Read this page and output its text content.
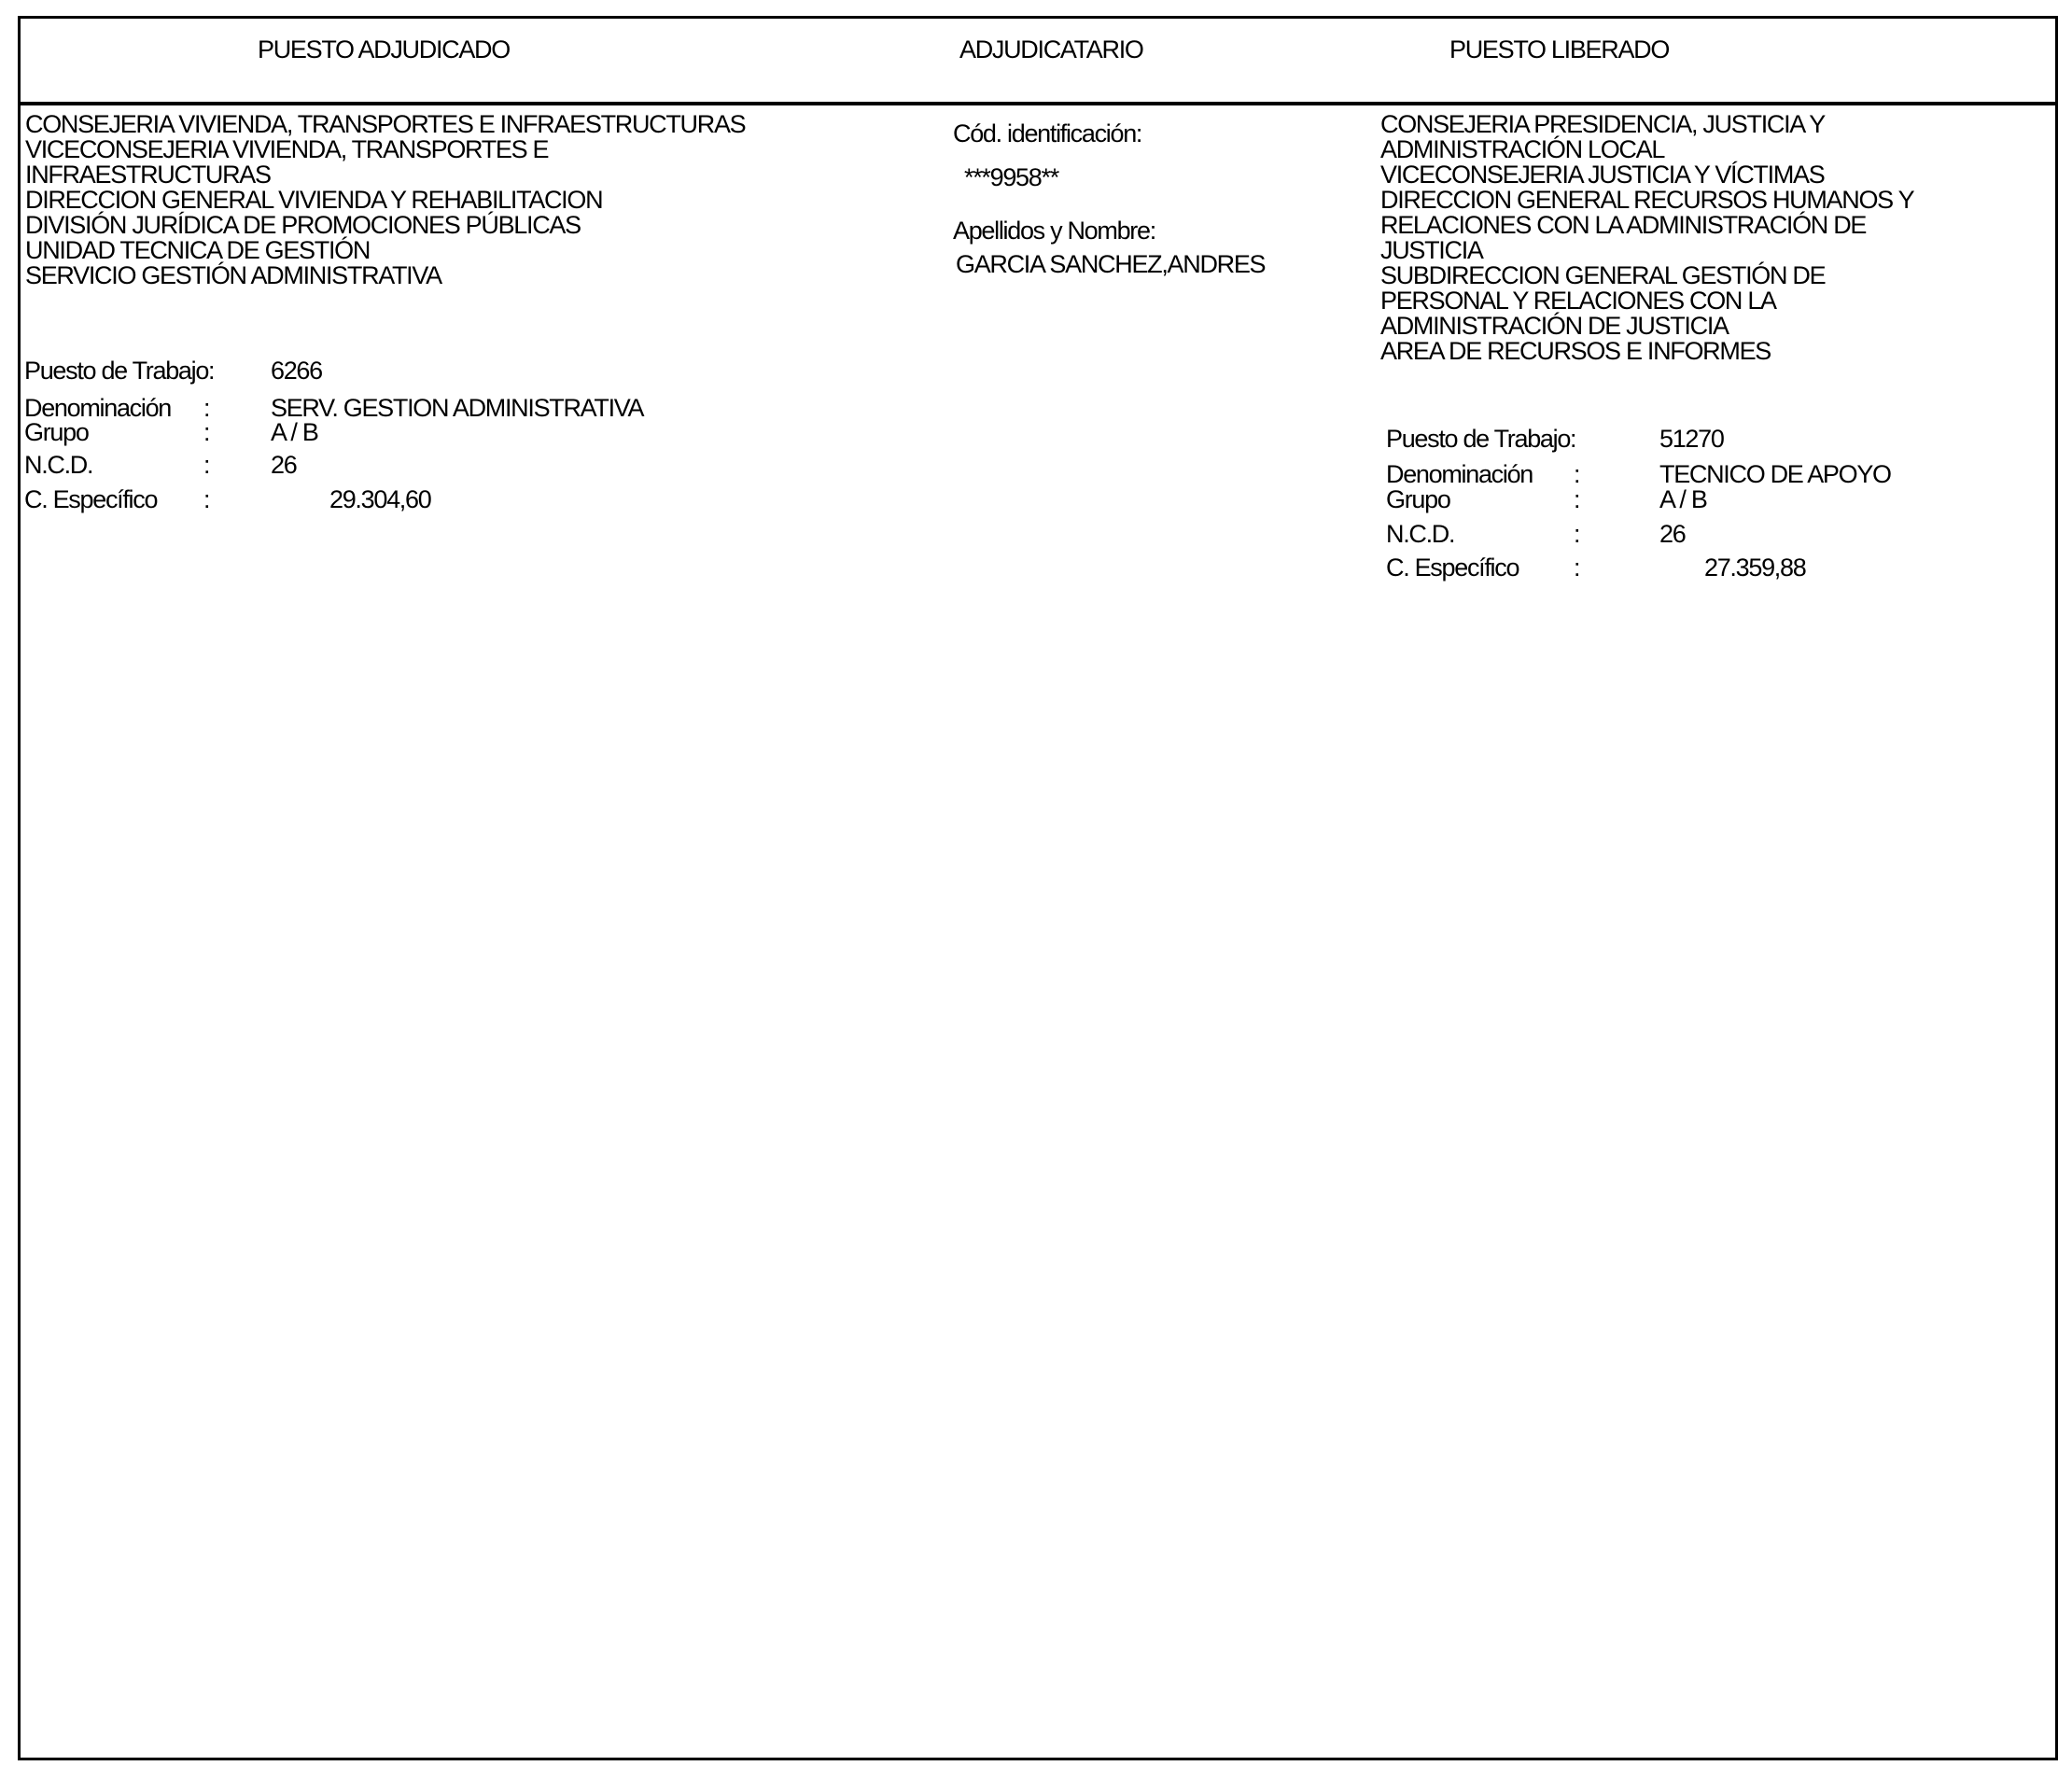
PUESTO ADJUDICADO	ADJUDICATARIO	PUESTO LIBERADO
CONSEJERIA VIVIENDA, TRANSPORTES E INFRAESTRUCTURAS
VICECONSEJERIA VIVIENDA, TRANSPORTES E
INFRAESTRUCTURAS
DIRECCION GENERAL VIVIENDA Y REHABILITACION
DIVISIÓN JURÍDICA DE PROMOCIONES PÚBLICAS
UNIDAD TECNICA DE GESTIÓN
SERVICIO GESTIÓN ADMINISTRATIVA
Puesto de Trabajo: 6266
Denominación : SERV. GESTION ADMINISTRATIVA
Grupo	: A / B
N.C.D.	: 26
C. Específico :	29.304,60
Cód. identificación:
***9958**
Apellidos y Nombre:
GARCIA SANCHEZ,ANDRES
CONSEJERIA PRESIDENCIA, JUSTICIA Y
ADMINISTRACIÓN LOCAL
VICECONSEJERIA JUSTICIA Y VÍCTIMAS
DIRECCION GENERAL RECURSOS HUMANOS Y
RELACIONES CON LA ADMINISTRACIÓN DE
JUSTICIA
SUBDIRECCION GENERAL GESTIÓN DE
PERSONAL Y RELACIONES CON LA
ADMINISTRACIÓN DE JUSTICIA
AREA DE RECURSOS E INFORMES
Puesto de Trabajo:	51270
Denominación :	TECNICO DE APOYO
Grupo	:	A / B
N.C.D.	:	26
C. Específico :	27.359,88
